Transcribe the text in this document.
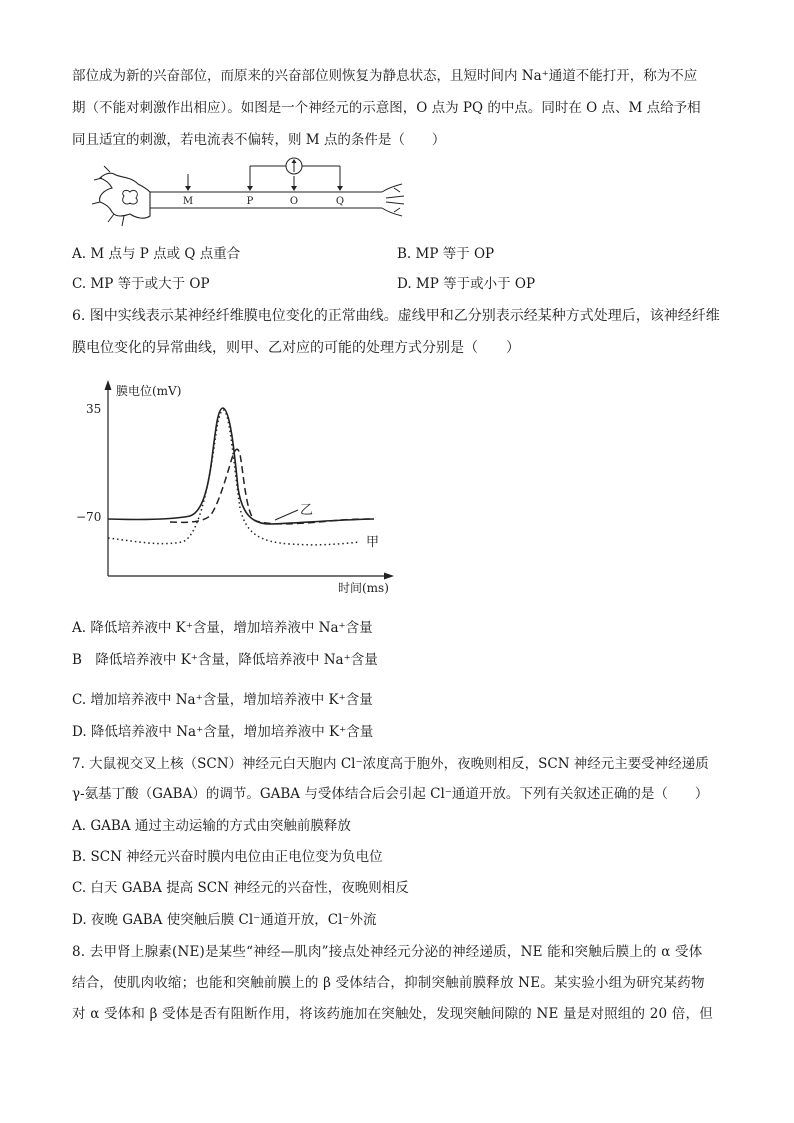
部位成为新的兴奋部位，而原来的兴奋部位则恢复为静息状态，且短时间内 Na⁺通道不能打开，称为不应
期（不能对刺激作出相应）。如图是一个神经元的示意图，O 点为 PQ 的中点。同时在 O 点、M 点给予相
同且适宜的刺激，若电流表不偏转，则 M 点的条件是（　　）
M	P	O	Q
A. M 点与 P 点或 Q 点重合	B. MP 等于 OP
C. MP 等于或大于 OP	D. MP 等于或小于 OP
6. 图中实线表示某神经纤维膜电位变化的正常曲线。虚线甲和乙分别表示经某种方式处理后，该神经纤维
膜电位变化的异常曲线，则甲、乙对应的可能的处理方式分别是（　　）
膜电位(mV)
时间(ms)
35
−70	乙
甲
A. 降低培养液中 K⁺含量，增加培养液中 Na⁺含量
B　降低培养液中 K⁺含量，降低培养液中 Na⁺含量
C. 增加培养液中 Na⁺含量，增加培养液中 K⁺含量
D. 降低培养液中 Na⁺含量，增加培养液中 K⁺含量
7. 大鼠视交叉上核（SCN）神经元白天胞内 Cl⁻浓度高于胞外，夜晚则相反，SCN 神经元主要受神经递质
γ-氨基丁酸（GABA）的调节。GABA 与受体结合后会引起 Cl⁻通道开放。下列有关叙述正确的是（　　）
A. GABA 通过主动运输的方式由突触前膜释放
B. SCN 神经元兴奋时膜内电位由正电位变为负电位
C. 白天 GABA 提高 SCN 神经元的兴奋性，夜晚则相反
D. 夜晚 GABA 使突触后膜 Cl⁻通道开放，Cl⁻外流
8. 去甲肾上腺素(NE)是某些“神经—肌肉”接点处神经元分泌的神经递质，NE 能和突触后膜上的 α 受体
结合，使肌肉收缩；也能和突触前膜上的 β 受体结合，抑制突触前膜释放 NE。某实验小组为研究某药物
对 α 受体和 β 受体是否有阻断作用，将该药施加在突触处，发现突触间隙的 NE 量是对照组的 20 倍，但
